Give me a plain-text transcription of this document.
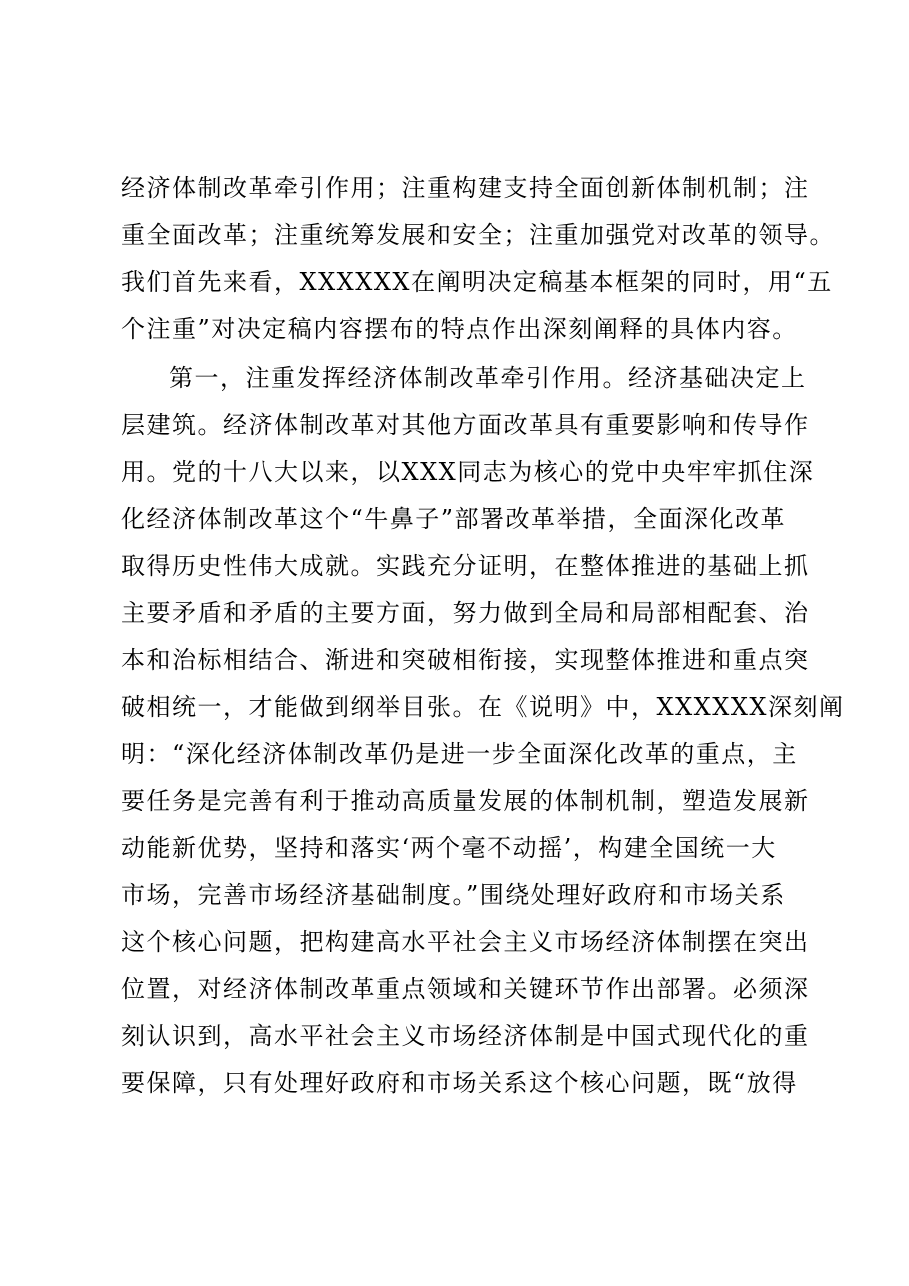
经济体制改革牵引作用；注重构建支持全面创新体制机制；注
重全面改革；注重统筹发展和安全；注重加强党对改革的领导。
我们首先来看，XXXXXX在阐明决定稿基本框架的同时，用“五
个注重”对决定稿内容摆布的特点作出深刻阐释的具体内容。
第一，注重发挥经济体制改革牵引作用。经济基础决定上
层建筑。经济体制改革对其他方面改革具有重要影响和传导作
用。党的十八大以来，以XXX同志为核心的党中央牢牢抓住深
化经济体制改革这个“牛鼻子”部署改革举措，全面深化改革
取得历史性伟大成就。实践充分证明，在整体推进的基础上抓
主要矛盾和矛盾的主要方面，努力做到全局和局部相配套、治
本和治标相结合、渐进和突破相衔接，实现整体推进和重点突
破相统一，才能做到纲举目张。在《说明》中，XXXXXX深刻阐
明：“深化经济体制改革仍是进一步全面深化改革的重点，主
要任务是完善有利于推动高质量发展的体制机制，塑造发展新
动能新优势，坚持和落实‘两个毫不动摇’，构建全国统一大
市场，完善市场经济基础制度。”围绕处理好政府和市场关系
这个核心问题，把构建高水平社会主义市场经济体制摆在突出
位置，对经济体制改革重点领域和关键环节作出部署。必须深
刻认识到，高水平社会主义市场经济体制是中国式现代化的重
要保障，只有处理好政府和市场关系这个核心问题，既“放得
